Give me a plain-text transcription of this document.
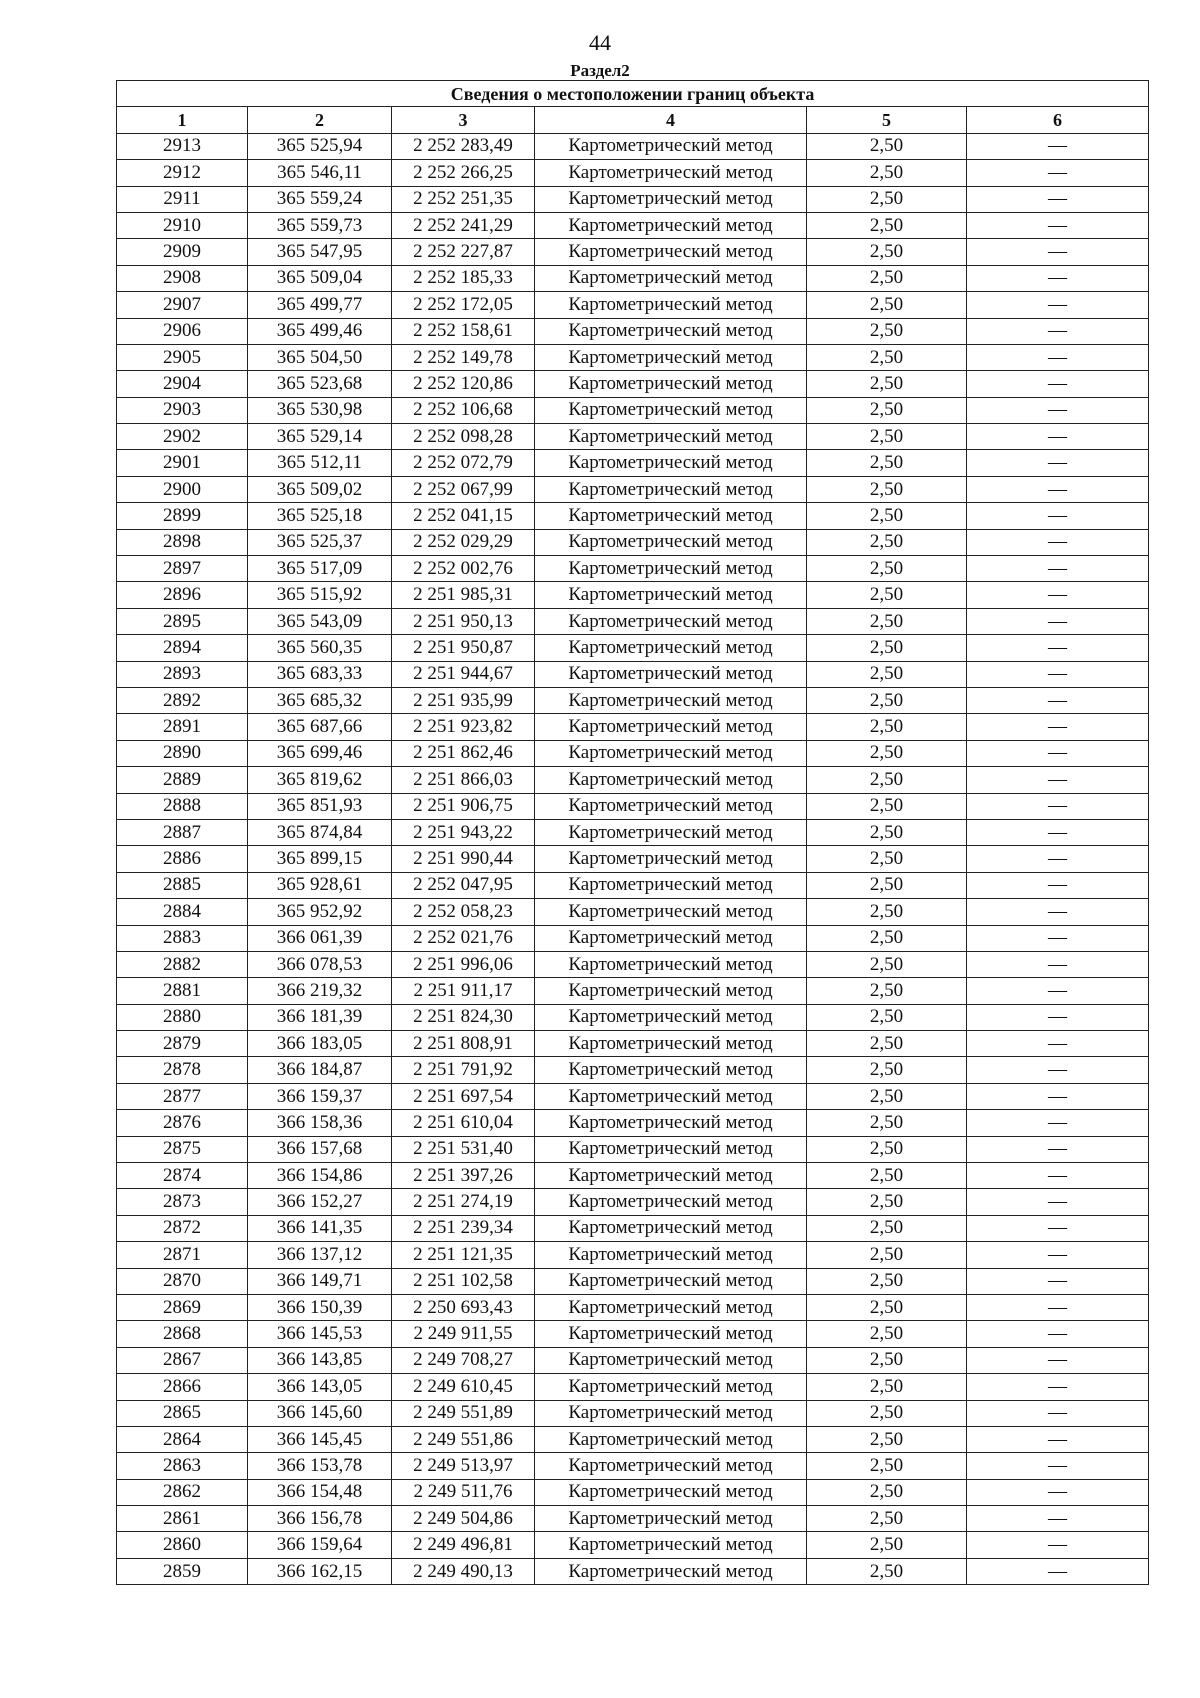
44
Раздел2
Сведения о местоположении границ объекта					
1	2	3	4	5	6
2913	365 525,94	2 252 283,49	Картометрический метод	2,50	—
2912	365 546,11	2 252 266,25	Картометрический метод	2,50	—
2911	365 559,24	2 252 251,35	Картометрический метод	2,50	—
2910	365 559,73	2 252 241,29	Картометрический метод	2,50	—
2909	365 547,95	2 252 227,87	Картометрический метод	2,50	—
2908	365 509,04	2 252 185,33	Картометрический метод	2,50	—
2907	365 499,77	2 252 172,05	Картометрический метод	2,50	—
2906	365 499,46	2 252 158,61	Картометрический метод	2,50	—
2905	365 504,50	2 252 149,78	Картометрический метод	2,50	—
2904	365 523,68	2 252 120,86	Картометрический метод	2,50	—
2903	365 530,98	2 252 106,68	Картометрический метод	2,50	—
2902	365 529,14	2 252 098,28	Картометрический метод	2,50	—
2901	365 512,11	2 252 072,79	Картометрический метод	2,50	—
2900	365 509,02	2 252 067,99	Картометрический метод	2,50	—
2899	365 525,18	2 252 041,15	Картометрический метод	2,50	—
2898	365 525,37	2 252 029,29	Картометрический метод	2,50	—
2897	365 517,09	2 252 002,76	Картометрический метод	2,50	—
2896	365 515,92	2 251 985,31	Картометрический метод	2,50	—
2895	365 543,09	2 251 950,13	Картометрический метод	2,50	—
2894	365 560,35	2 251 950,87	Картометрический метод	2,50	—
2893	365 683,33	2 251 944,67	Картометрический метод	2,50	—
2892	365 685,32	2 251 935,99	Картометрический метод	2,50	—
2891	365 687,66	2 251 923,82	Картометрический метод	2,50	—
2890	365 699,46	2 251 862,46	Картометрический метод	2,50	—
2889	365 819,62	2 251 866,03	Картометрический метод	2,50	—
2888	365 851,93	2 251 906,75	Картометрический метод	2,50	—
2887	365 874,84	2 251 943,22	Картометрический метод	2,50	—
2886	365 899,15	2 251 990,44	Картометрический метод	2,50	—
2885	365 928,61	2 252 047,95	Картометрический метод	2,50	—
2884	365 952,92	2 252 058,23	Картометрический метод	2,50	—
2883	366 061,39	2 252 021,76	Картометрический метод	2,50	—
2882	366 078,53	2 251 996,06	Картометрический метод	2,50	—
2881	366 219,32	2 251 911,17	Картометрический метод	2,50	—
2880	366 181,39	2 251 824,30	Картометрический метод	2,50	—
2879	366 183,05	2 251 808,91	Картометрический метод	2,50	—
2878	366 184,87	2 251 791,92	Картометрический метод	2,50	—
2877	366 159,37	2 251 697,54	Картометрический метод	2,50	—
2876	366 158,36	2 251 610,04	Картометрический метод	2,50	—
2875	366 157,68	2 251 531,40	Картометрический метод	2,50	—
2874	366 154,86	2 251 397,26	Картометрический метод	2,50	—
2873	366 152,27	2 251 274,19	Картометрический метод	2,50	—
2872	366 141,35	2 251 239,34	Картометрический метод	2,50	—
2871	366 137,12	2 251 121,35	Картометрический метод	2,50	—
2870	366 149,71	2 251 102,58	Картометрический метод	2,50	—
2869	366 150,39	2 250 693,43	Картометрический метод	2,50	—
2868	366 145,53	2 249 911,55	Картометрический метод	2,50	—
2867	366 143,85	2 249 708,27	Картометрический метод	2,50	—
2866	366 143,05	2 249 610,45	Картометрический метод	2,50	—
2865	366 145,60	2 249 551,89	Картометрический метод	2,50	—
2864	366 145,45	2 249 551,86	Картометрический метод	2,50	—
2863	366 153,78	2 249 513,97	Картометрический метод	2,50	—
2862	366 154,48	2 249 511,76	Картометрический метод	2,50	—
2861	366 156,78	2 249 504,86	Картометрический метод	2,50	—
2860	366 159,64	2 249 496,81	Картометрический метод	2,50	—
2859	366 162,15	2 249 490,13	Картометрический метод	2,50	—
